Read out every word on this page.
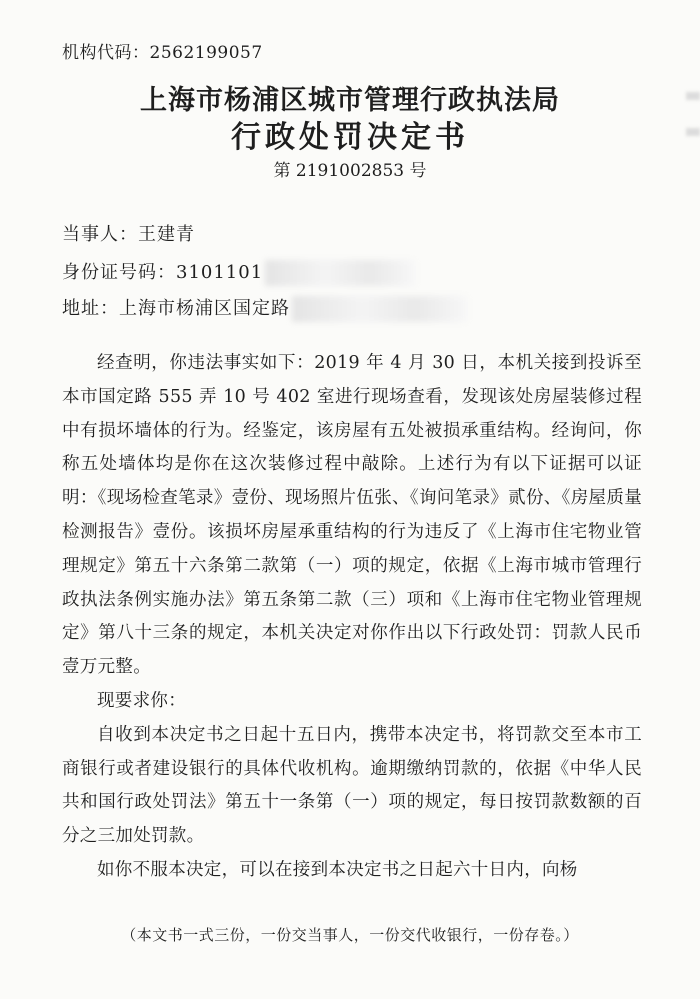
机构代码：2562199057
上海市杨浦区城市管理行政执法局
行政处罚决定书
第 2191002853 号
当事人：王建青
身份证号码：3101101
地址：上海市杨浦区国定路

经查明，你违法事实如下：2019 年 4 月 30 日，本机关接到投诉至本市国定路 555 弄 10 号 402 室进行现场查看，发现该处房屋装修过程中有损坏墙体的行为。经鉴定，该房屋有五处被损承重结构。经询问，你称五处墙体均是你在这次装修过程中敲除。上述行为有以下证据可以证明：《现场检查笔录》壹份、现场照片伍张、《询问笔录》贰份、《房屋质量检测报告》壹份。该损坏房屋承重结构的行为违反了《上海市住宅物业管理规定》第五十六条第二款第（一）项的规定，依据《上海市城市管理行政执法条例实施办法》第五条第二款（三）项和《上海市住宅物业管理规定》第八十三条的规定，本机关决定对你作出以下行政处罚：罚款人民币壹万元整。

现要求你：

自收到本决定书之日起十五日内，携带本决定书，将罚款交至本市工商银行或者建设银行的具体代收机构。逾期缴纳罚款的，依据《中华人民共和国行政处罚法》第五十一条第（一）项的规定，每日按罚款数额的百分之三加处罚款。

如你不服本决定，可以在接到本决定书之日起六十日内，向杨

（本文书一式三份，一份交当事人，一份交代收银行，一份存卷。）
